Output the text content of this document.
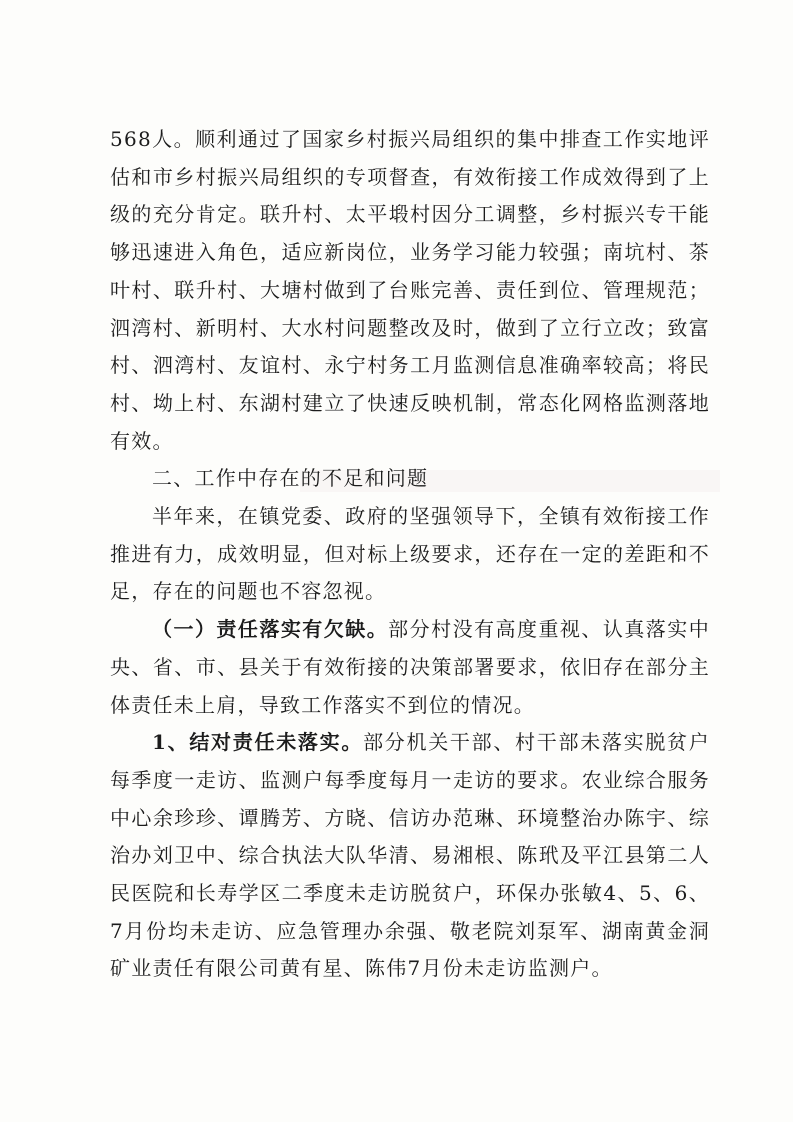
568人。顺利通过了国家乡村振兴局组织的集中排查工作实地评估和市乡村振兴局组织的专项督查，有效衔接工作成效得到了上级的充分肯定。联升村、太平塅村因分工调整，乡村振兴专干能够迅速进入角色，适应新岗位，业务学习能力较强；南坑村、茶叶村、联升村、大塘村做到了台账完善、责任到位、管理规范；泗湾村、新明村、大水村问题整改及时，做到了立行立改；致富村、泗湾村、友谊村、永宁村务工月监测信息准确率较高；将民村、坳上村、东湖村建立了快速反映机制，常态化网格监测落地有效。

二、工作中存在的不足和问题

半年来，在镇党委、政府的坚强领导下，全镇有效衔接工作推进有力，成效明显，但对标上级要求，还存在一定的差距和不足，存在的问题也不容忽视。

（一）责任落实有欠缺。部分村没有高度重视、认真落实中央、省、市、县关于有效衔接的决策部署要求，依旧存在部分主体责任未上肩，导致工作落实不到位的情况。

1、结对责任未落实。部分机关干部、村干部未落实脱贫户每季度一走访、监测户每季度每月一走访的要求。农业综合服务中心余珍珍、谭腾芳、方晓、信访办范琳、环境整治办陈宇、综治办刘卫中、综合执法大队华清、易湘根、陈玳及平江县第二人民医院和长寿学区二季度未走访脱贫户，环保办张敏4、5、6、7月份均未走访、应急管理办余强、敬老院刘泵军、湖南黄金洞矿业责任有限公司黄有星、陈伟7月份未走访监测户。
